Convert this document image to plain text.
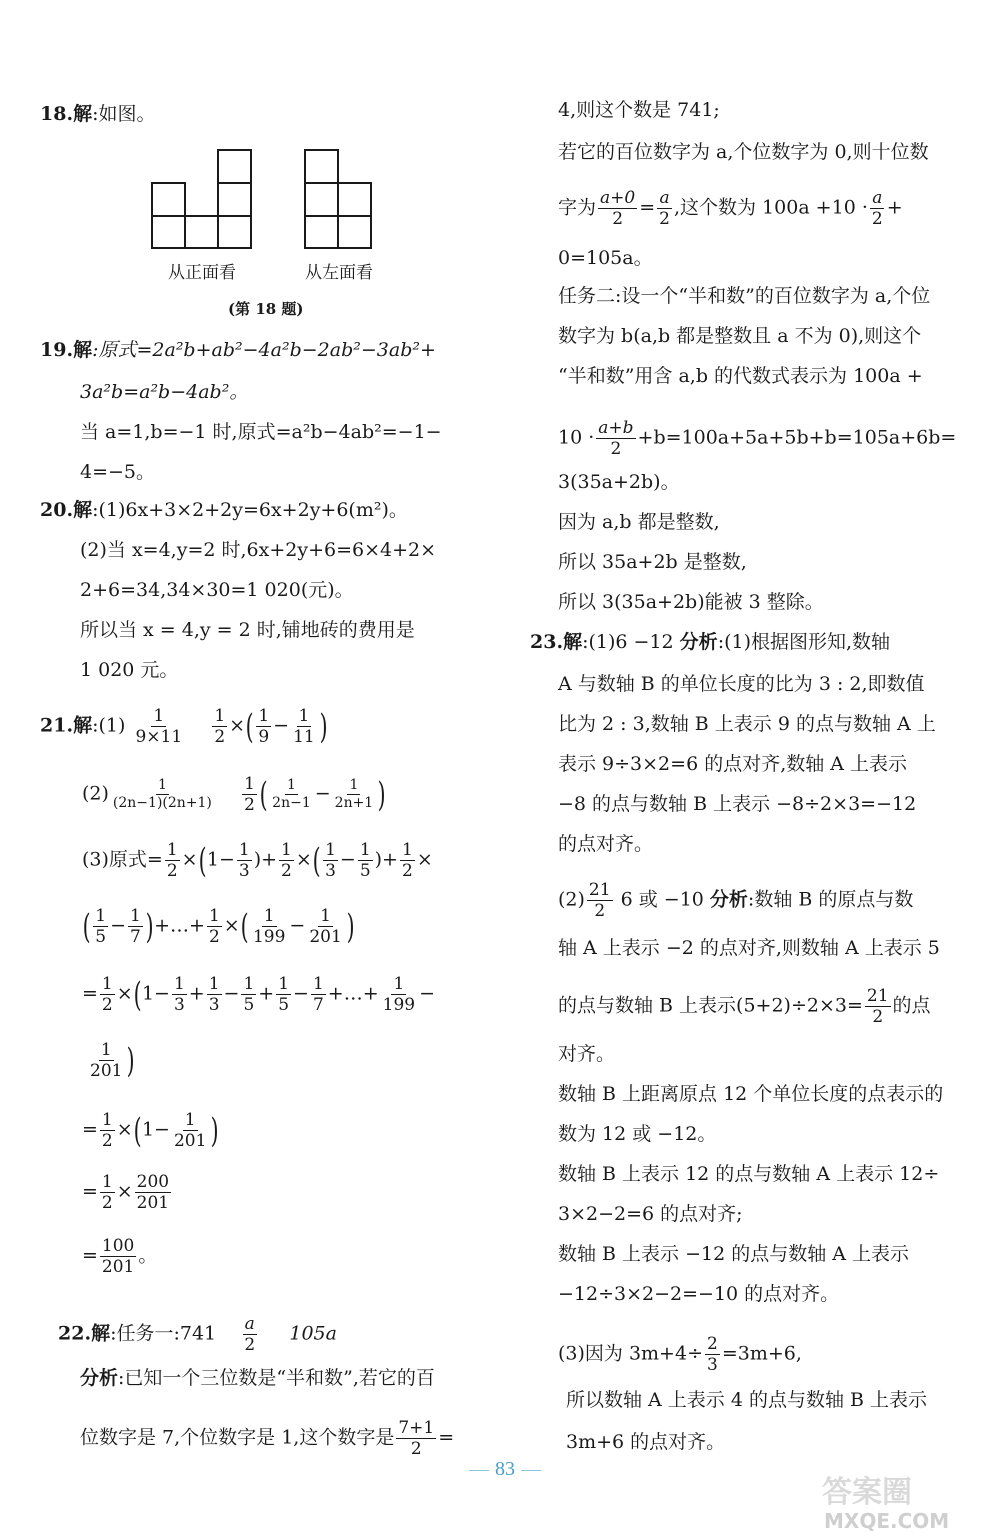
18.解:如图。
从正面看	从左面看
(第 18 题)
19.解:原式=2a²b+ab²−4a²b−2ab²−3ab²+
3a²b=a²b−4ab²。
当 a=1,b=−1 时,原式=a²b−4ab²=−1−
4=−5。
20.解:(1)6x+3×2+2y=6x+2y+6(m²)。
(2)当 x=4,y=2 时,6x+2y+6=6×4+2×
2+6=34,34×30=1 020(元)。
所以当 x = 4,y = 2 时,铺地砖的费用是
1 020 元。
21.解:(1) $\frac{1}{9\times 11}$
$\frac{1}{2}$ ×( $\frac{1}{9} - \frac{1}{11}$ )
$(2) \frac{1}{(2n-1)(2n+1)}$
$\frac{1}{2}$ ( $\frac{1}{2n-1} - \frac{1}{2n+1}$ )
(3)原式= $\frac{1}{2} \times(1- \frac{1}{3}$ )+ $\frac{1}{2}$ ×( $\frac{1}{3} - \frac{1}{5}$ )+ $\frac{1}{2}$ ×
( $\frac{1}{5} - \frac{1}{7}$ )+…+ $\frac{1}{2}$ ×( $\frac{1}{199} - \frac{1}{201}$ )
= $\frac{1}{2} \times(1- \frac{1}{3} + \frac{1}{3} - \frac{1}{5} + \frac{1}{5} - \frac{1}{7}$ +…+ $\frac{1}{199}$ −
$\frac{1}{201}$ )
= $\frac{1}{2} \times(1- \frac{1}{201}$ )
= $\frac{1}{2} \times \frac{200}{201}$
= $\frac{100}{201}$ 。
22.解:任务一:741 $\frac{a}{2} 105a$
分析:已知一个三位数是“半和数”,若它的百
位数字是 7,个位数字是 1,这个数字是 $\frac{7+1}{2}$ =
4,则这个数是 741;
若它的百位数字为 a,个位数字为 0,则十位数
字为 $\frac{a+0}{2} = \frac{a}{2}$ ,这个数为 $100a +10 \cdot \frac{a}{2}$ +
0=105a。
任务二:设一个“半和数”的百位数字为 a,个位
数字为 b(a,b 都是整数且 a 不为 0),则这个
“半和数”用含 a,b 的代数式表示为 100a +
$10 \cdot \frac{a+b}{2} +b=100a+5a+5b+b=105a+6b=$
3(35a+2b)。
因为 a,b 都是整数,
所以 35a+2b 是整数,
所以 3(35a+2b)能被 3 整除。
23.解:(1)6 −12 分析:(1)根据图形知,数轴
A 与数轴 B 的单位长度的比为 3 : 2,即数值
比为 2 : 3,数轴 B 上表示 9 的点与数轴 A 上
表示 9÷3×2=6 的点对齐,数轴 A 上表示
−8 的点与数轴 B 上表示 −8÷2×3=−12
的点对齐。
$(2) \frac{21}{2} 6$ 或 −10 分析:数轴 B 的原点与数
轴 A 上表示 −2 的点对齐,则数轴 A 上表示 5
的点与数轴 B 上表示$(5+2)\div 2\times 3= \frac{21}{2}$ 的点
对齐。
数轴 B 上距离原点 12 个单位长度的点表示的
数为 12 或 −12。
数轴 B 上表示 12 的点与数轴 A 上表示 12÷
3×2−2=6 的点对齐;
数轴 B 上表示 −12 的点与数轴 A 上表示
−12÷3×2−2=−10 的点对齐。
(3)因为 $3m+4\div \frac{2}{3} =3m+6$,
所以数轴 A 上表示 4 的点与数轴 B 上表示
3m+6 的点对齐。
83
答案圈
MXQE.COM
